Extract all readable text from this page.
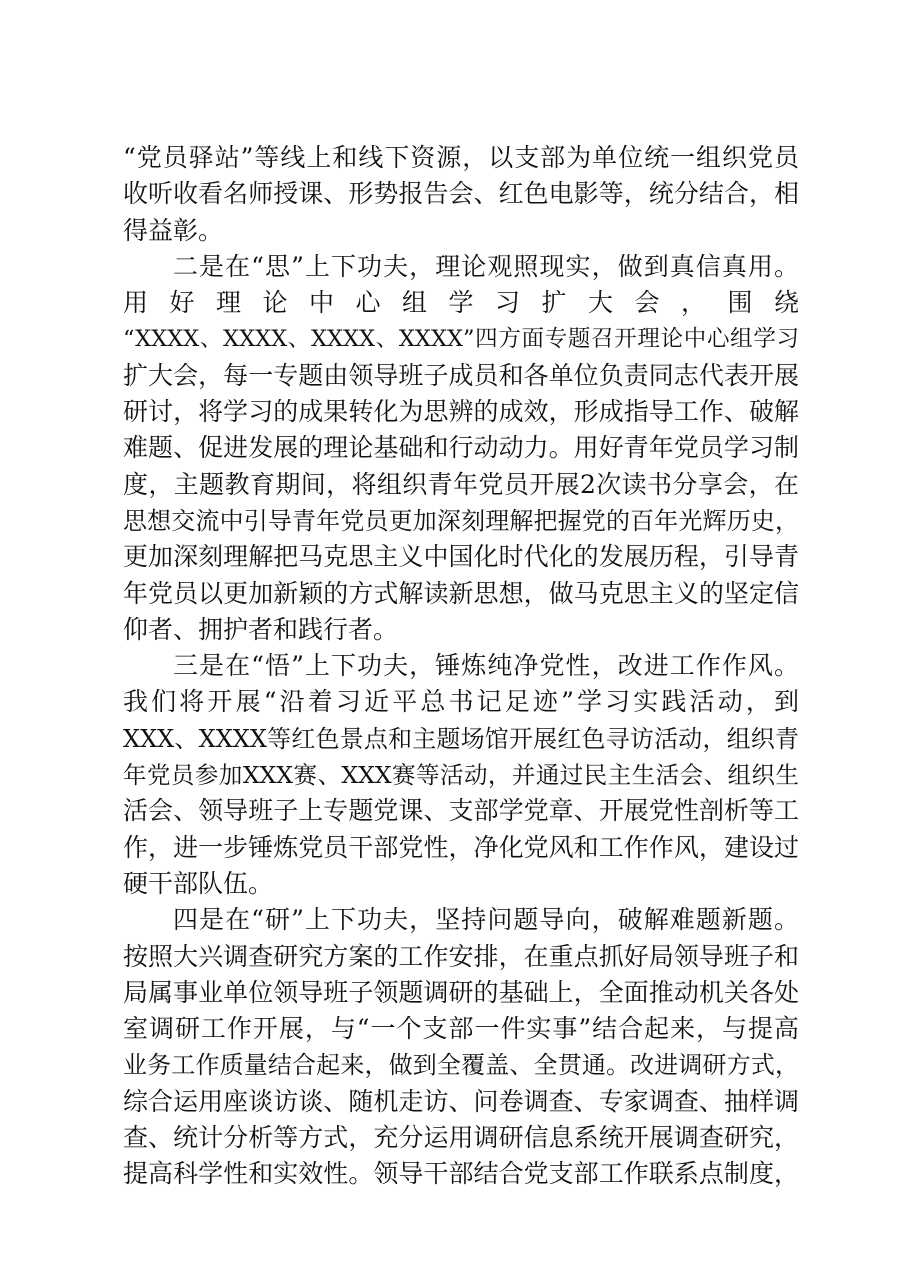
“党员驿站”等线上和线下资源，以支部为单位统一组织党员
收听收看名师授课、形势报告会、红色电影等，统分结合，相
得益彰。
二是在“思”上下功夫，理论观照现实，做到真信真用。
用 好 理 论 中 心 组 学 习 扩 大 会 ， 围 绕
“XXXX、XXXX、XXXX、XXXX”四方面专题召开理论中心组学习
扩大会，每一专题由领导班子成员和各单位负责同志代表开展
研讨，将学习的成果转化为思辨的成效，形成指导工作、破解
难题、促进发展的理论基础和行动动力。用好青年党员学习制
度，主题教育期间，将组织青年党员开展2次读书分享会，在
思想交流中引导青年党员更加深刻理解把握党的百年光辉历史，
更加深刻理解把马克思主义中国化时代化的发展历程，引导青
年党员以更加新颖的方式解读新思想，做马克思主义的坚定信
仰者、拥护者和践行者。
三是在“悟”上下功夫，锤炼纯净党性，改进工作作风。
我们将开展“沿着习近平总书记足迹”学习实践活动，到
XXX、XXXX等红色景点和主题场馆开展红色寻访活动，组织青
年党员参加XXX赛、XXX赛等活动，并通过民主生活会、组织生
活会、领导班子上专题党课、支部学党章、开展党性剖析等工
作，进一步锤炼党员干部党性，净化党风和工作作风，建设过
硬干部队伍。
四是在“研”上下功夫，坚持问题导向，破解难题新题。
按照大兴调查研究方案的工作安排，在重点抓好局领导班子和
局属事业单位领导班子领题调研的基础上，全面推动机关各处
室调研工作开展，与“一个支部一件实事”结合起来，与提高
业务工作质量结合起来，做到全覆盖、全贯通。改进调研方式，
综合运用座谈访谈、随机走访、问卷调查、专家调查、抽样调
查、统计分析等方式，充分运用调研信息系统开展调查研究，
提高科学性和实效性。领导干部结合党支部工作联系点制度，
